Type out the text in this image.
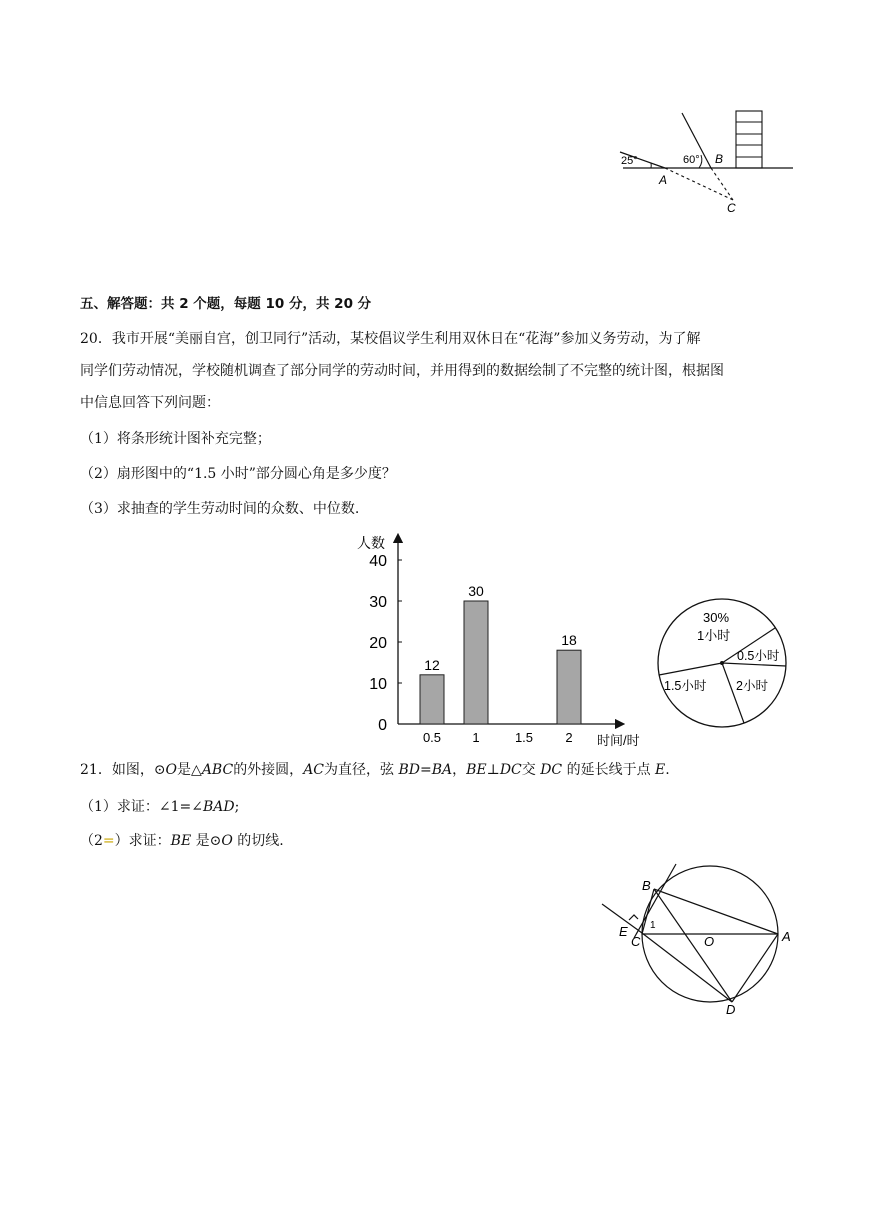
25°	60°
A
B
C
五、解答题：共 2 个题，每题 10 分，共 20 分
20．我市开展“美丽自宫，创卫同行”活动，某校倡议学生利用双休日在“花海”参加义务劳动，为了解
同学们劳动情况，学校随机调查了部分同学的劳动时间，并用得到的数据绘制了不完整的统计图，根据图
中信息回答下列问题：
（1）将条形统计图补充完整；
（2）扇形图中的“1.5 小时”部分圆心角是多少度？
（3）求抽查的学生劳动时间的众数、中位数.
人数
时间/时
0
10
20
30
40
12
30
18
0.5 1	1.5 2
30%
1小时
0.5小时
2小时
1.5小时
21．如图，⊙O是△ABC的外接圆，AC为直径，弦 BD=BA，BE⊥DC交 DC 的延长线于点 E.
（1）求证：∠1=∠BAD;
（2=）求证：BE 是⊙O 的切线.
B
E
C
1
O	A
D
